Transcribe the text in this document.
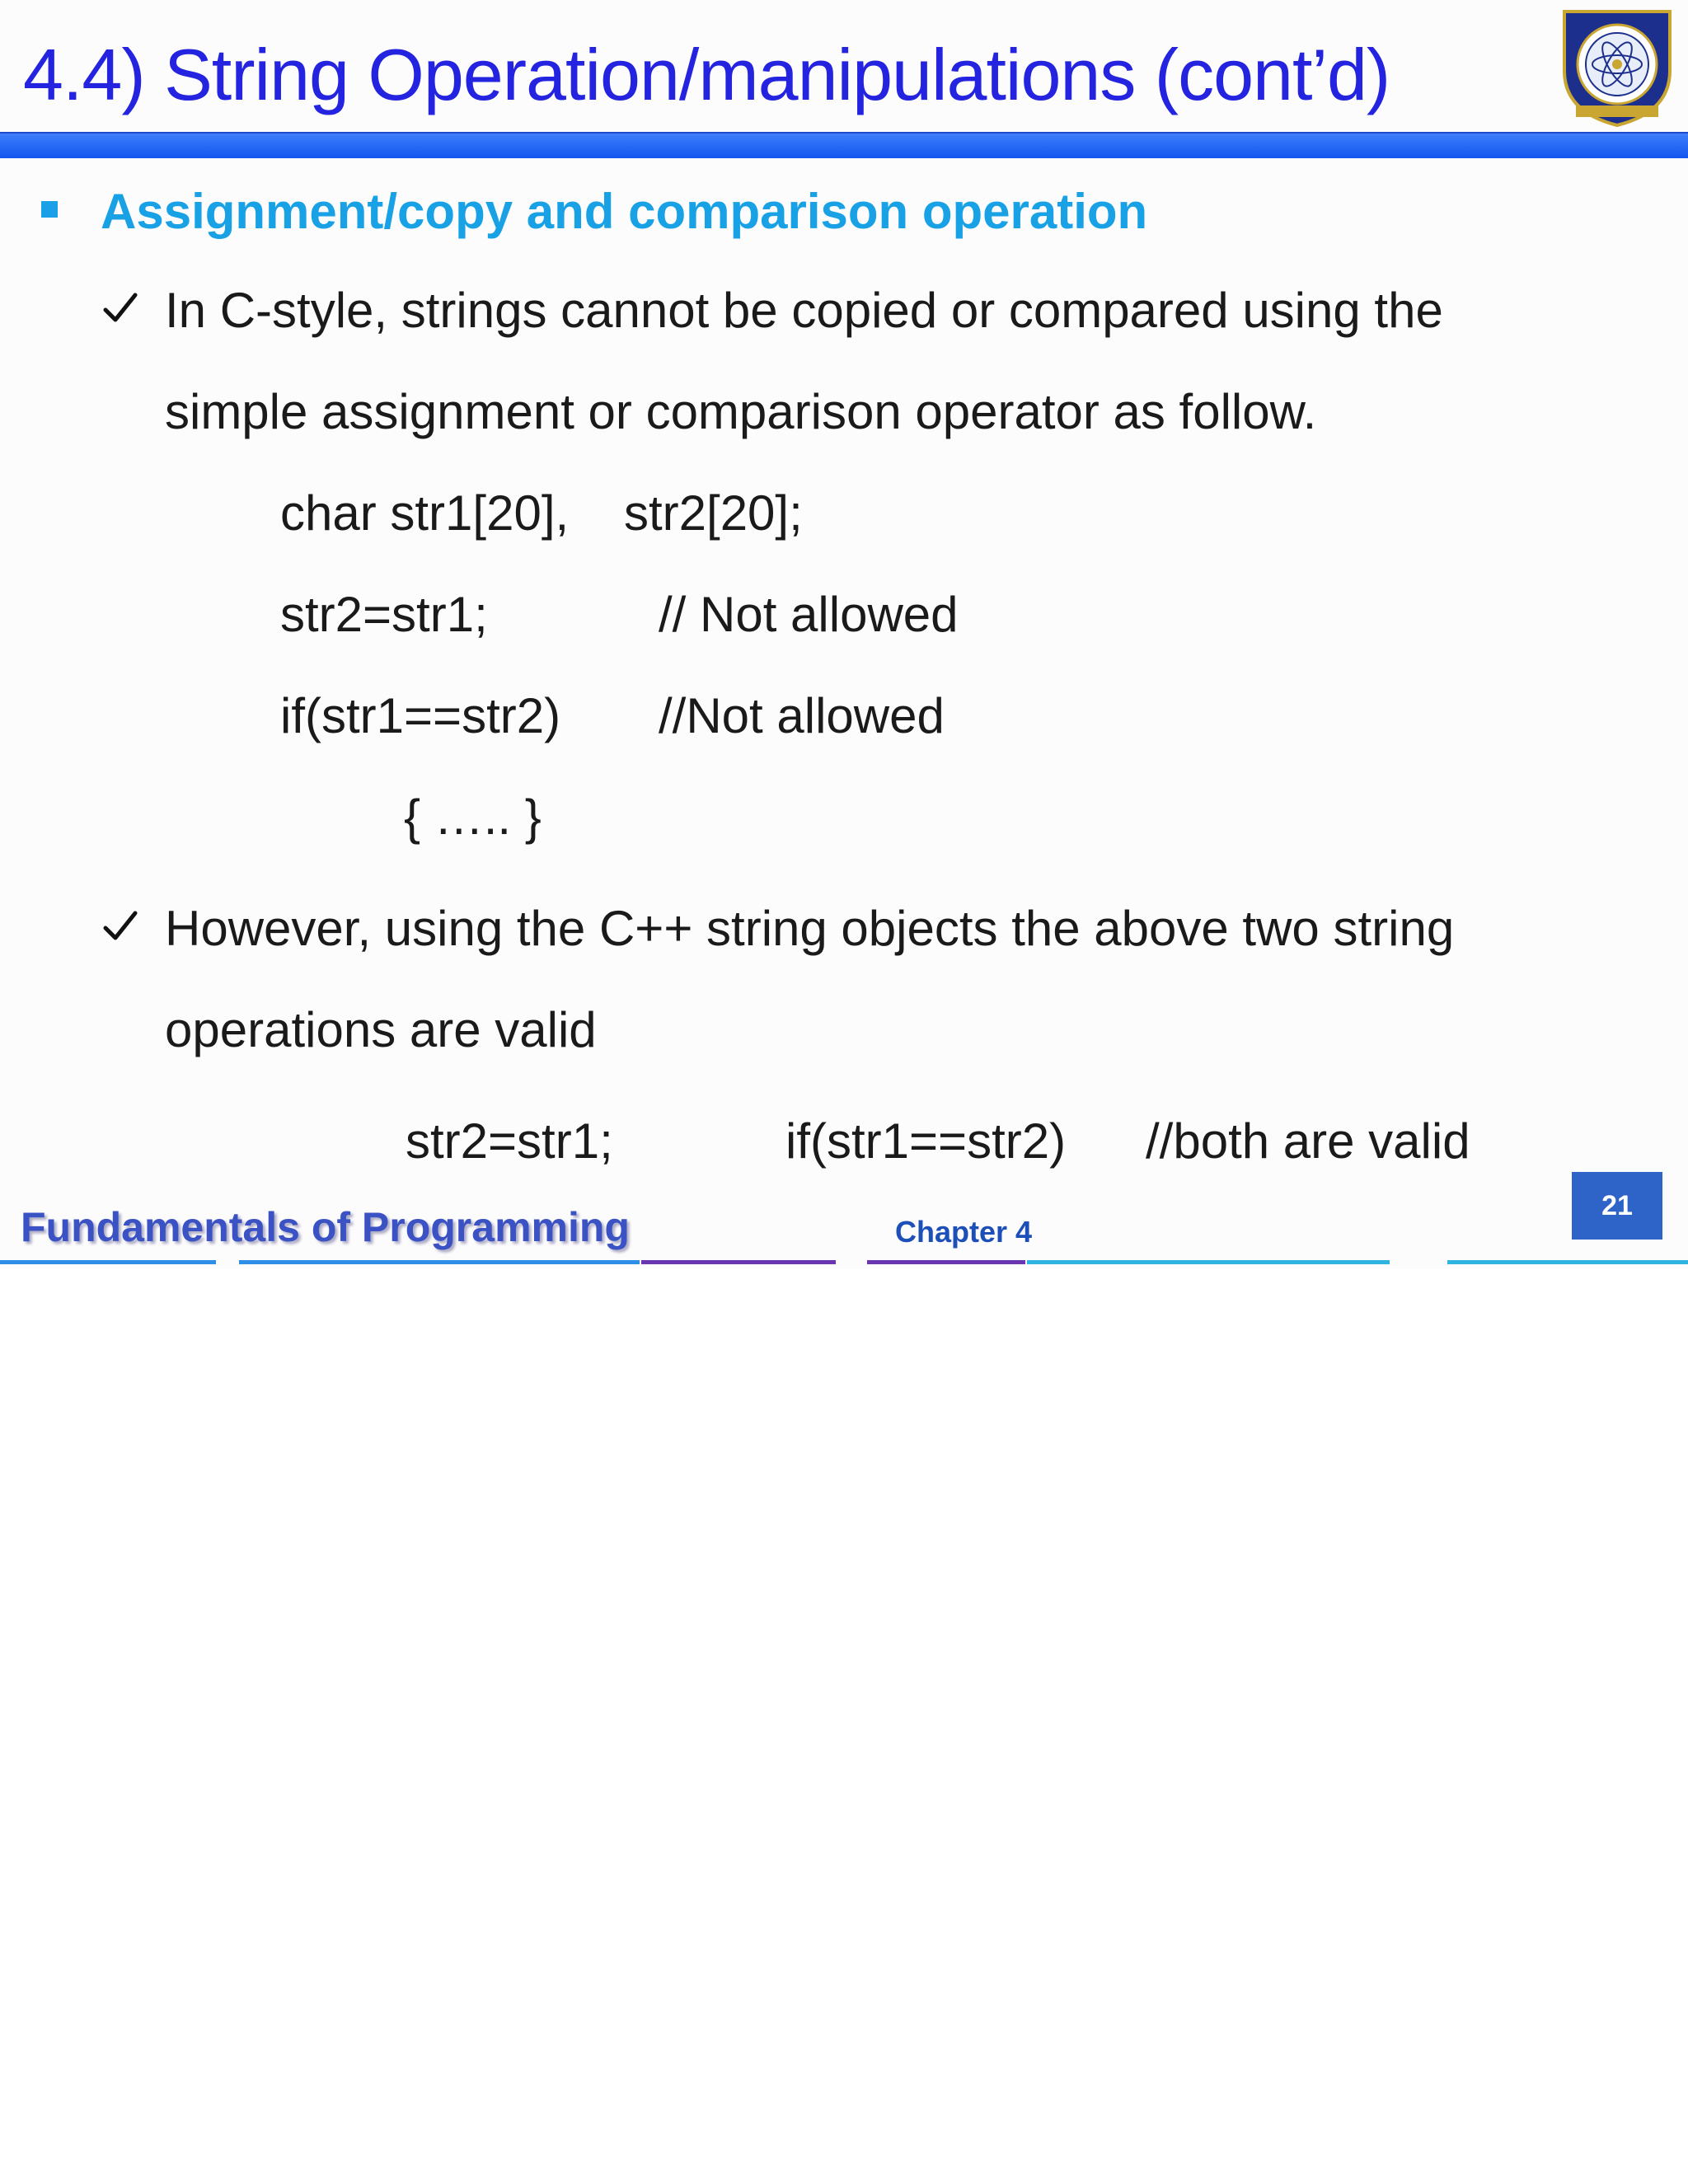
4.4) String Operation/manipulations (cont’d)
Assignment/copy and comparison operation
In C-style, strings cannot be copied or compared using the
simple assignment or comparison operator as follow.
char str1[20], str2[20];
str2=str1;	// Not allowed
if(str1==str2) //Not allowed
{ ….. }
However, using the C++ string objects the above two string
operations are valid
str2=str1;	if(str1==str2) //both are valid
21
Fundamentals of Programming	Chapter 4
